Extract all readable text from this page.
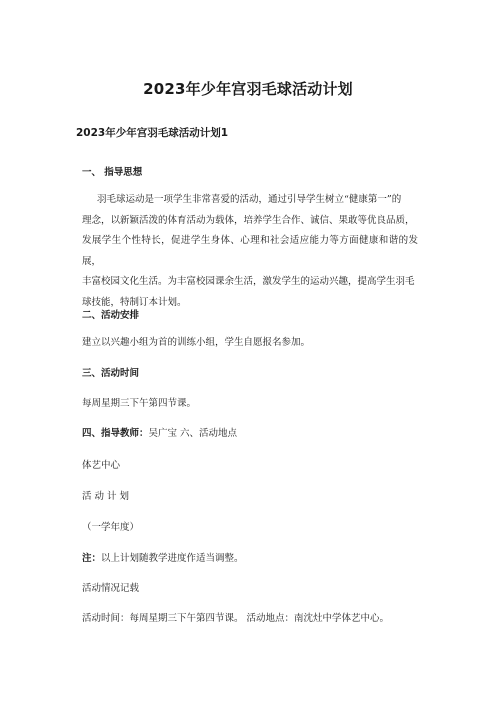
2023年少年宫羽毛球活动计划
2023年少年宫羽毛球活动计划1
一、 指导思想
羽毛球运动是一项学生非常喜爱的活动，通过引导学生树立“健康第一”的
理念，以新颖活泼的体育活动为载体，培养学生合作、诚信、果敢等优良品质，
发展学生个性特长，促进学生身体、心理和社会适应能力等方面健康和谐的发展，
丰富校园文化生活。为丰富校园课余生活，激发学生的运动兴趣，提高学生羽毛
球技能，特制订本计划。
二、活动安排
建立以兴趣小组为首的训练小组，学生自愿报名参加。
三、活动时间
每周星期三下午第四节课。
四、指导教师：吴广宝 六、活动地点
体艺中心
活 动 计 划
（一学年度）
注：以上计划随教学进度作适当调整。
活动情况记载
活动时间：每周星期三下午第四节课。 活动地点：南沈灶中学体艺中心。
